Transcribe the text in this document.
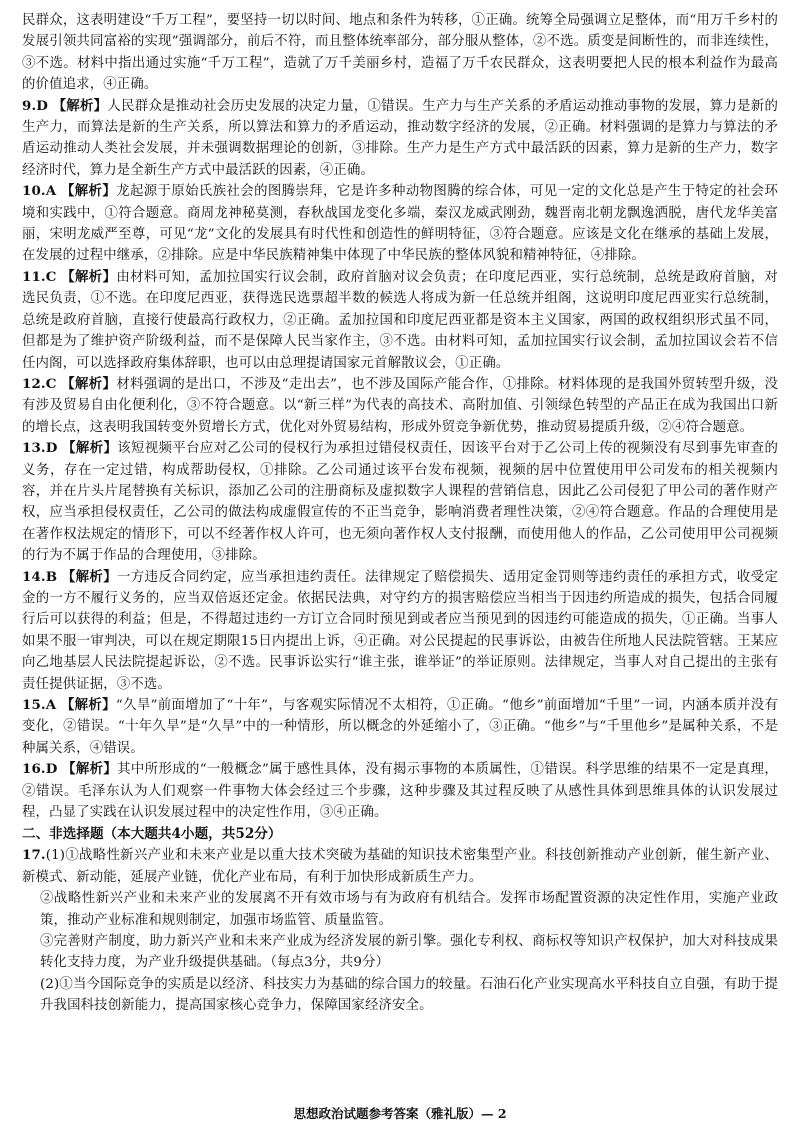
民群众，这表明建设“千万工程”，要坚持一切以时间、地点和条件为转移，①正确。统筹全局强调立足整体，而“用万千乡村的发展引领共同富裕的实现”强调部分，前后不符，而且整体统率部分，部分服从整体，②不选。质变是间断性的，而非连续性，③不选。材料中指出通过实施“千万工程”，造就了万千美丽乡村，造福了万千农民群众，这表明要把人民的根本利益作为最高的价值追求，④正确。

9.D 【解析】人民群众是推动社会历史发展的决定力量，①错误。生产力与生产关系的矛盾运动推动事物的发展，算力是新的生产力，而算法是新的生产关系，所以算法和算力的矛盾运动，推动数字经济的发展，②正确。材料强调的是算力与算法的矛盾运动推动人类社会发展，并未强调数据理论的创新，③排除。生产力是生产方式中最活跃的因素，算力是新的生产力，数字经济时代，算力是全新生产方式中最活跃的因素，④正确。

10.A 【解析】龙起源于原始氏族社会的图腾崇拜，它是许多种动物图腾的综合体，可见一定的文化总是产生于特定的社会环境和实践中，①符合题意。商周龙神秘莫测，春秋战国龙变化多端，秦汉龙威武刚劲，魏晋南北朝龙飘逸洒脱，唐代龙华美富丽，宋明龙威严至尊，可见“龙”文化的发展具有时代性和创造性的鲜明特征，③符合题意。应该是文化在继承的基础上发展，在发展的过程中继承，②排除。应是中华民族精神集中体现了中华民族的整体风貌和精神特征，④排除。

11.C 【解析】由材料可知，孟加拉国实行议会制，政府首脑对议会负责；在印度尼西亚，实行总统制，总统是政府首脑，对选民负责，①不选。在印度尼西亚，获得选民选票超半数的候选人将成为新一任总统并组阁，这说明印度尼西亚实行总统制，总统是政府首脑，直接行使最高行政权力，②正确。孟加拉国和印度尼西亚都是资本主义国家，两国的政权组织形式虽不同，但都是为了维护资产阶级利益，而不是保障人民当家作主，③不选。由材料可知，孟加拉国实行议会制，孟加拉国议会若不信任内阁，可以选择政府集体辞职，也可以由总理提请国家元首解散议会，①正确。

12.C 【解析】材料强调的是出口，不涉及“走出去”，也不涉及国际产能合作，①排除。材料体现的是我国外贸转型升级，没有涉及贸易自由化便利化，③不符合题意。以“新三样”为代表的高技术、高附加值、引领绿色转型的产品正在成为我国出口新的增长点，这表明我国转变外贸增长方式，优化对外贸易结构，形成外贸竞争新优势，推动贸易提质升级，②④符合题意。

13.D 【解析】该短视频平台应对乙公司的侵权行为承担过错侵权责任，因该平台对于乙公司上传的视频没有尽到事先审查的义务，存在一定过错，构成帮助侵权，①排除。乙公司通过该平台发布视频，视频的居中位置使用甲公司发布的相关视频内容，并在片头片尾替换有关标识，添加乙公司的注册商标及虚拟数字人课程的营销信息，因此乙公司侵犯了甲公司的著作财产权，应当承担侵权责任，乙公司的做法构成虚假宣传的不正当竞争，影响消费者理性决策，②④符合题意。作品的合理使用是在著作权法规定的情形下，可以不经著作权人许可，也无须向著作权人支付报酬，而使用他人的作品，乙公司使用甲公司视频的行为不属于作品的合理使用，③排除。

14.B 【解析】一方违反合同约定，应当承担违约责任。法律规定了赔偿损失、适用定金罚则等违约责任的承担方式，收受定金的一方不履行义务的，应当双倍返还定金。依据民法典，对守约方的损害赔偿应当相当于因违约所造成的损失，包括合同履行后可以获得的利益；但是，不得超过违约一方订立合同时预见到或者应当预见到的因违约可能造成的损失，①正确。当事人如果不服一审判决，可以在规定期限15日内提出上诉，④正确。对公民提起的民事诉讼，由被告住所地人民法院管辖。王某应向乙地基层人民法院提起诉讼，②不选。民事诉讼实行“谁主张，谁举证”的举证原则。法律规定，当事人对自己提出的主张有责任提供证据，③不选。

15.A 【解析】“久旱”前面增加了“十年”，与客观实际情况不太相符，①正确。“他乡”前面增加“千里”一词，内涵本质并没有变化，②错误。“十年久旱”是“久旱”中的一种情形，所以概念的外延缩小了，③正确。“他乡”与“千里他乡”是属种关系，不是种属关系，④错误。

16.D 【解析】其中所形成的“一般概念”属于感性具体，没有揭示事物的本质属性，①错误。科学思维的结果不一定是真理，②错误。毛泽东认为人们观察一件事物大体会经过三个步骤，这种步骤及其过程反映了从感性具体到思维具体的认识发展过程，凸显了实践在认识发展过程中的决定性作用，③④正确。

二、非选择题（本大题共4小题，共52分）

17.(1)①战略性新兴产业和未来产业是以重大技术突破为基础的知识技术密集型产业。科技创新推动产业创新，催生新产业、新模式、新动能，延展产业链，优化产业布局，有利于加快形成新质生产力。

②战略性新兴产业和未来产业的发展离不开有效市场与有为政府有机结合。发挥市场配置资源的决定性作用，实施产业政策，推动产业标准和规则制定，加强市场监管、质量监管。

③完善财产制度，助力新兴产业和未来产业成为经济发展的新引擎。强化专利权、商标权等知识产权保护，加大对科技成果转化支持力度，为产业升级提供基础。（每点3分，共9分）

(2)①当今国际竞争的实质是以经济、科技实力为基础的综合国力的较量。石油石化产业实现高水平科技自立自强，有助于提升我国科技创新能力，提高国家核心竞争力，保障国家经济安全。

思想政治试题参考答案（雅礼版）— 2
